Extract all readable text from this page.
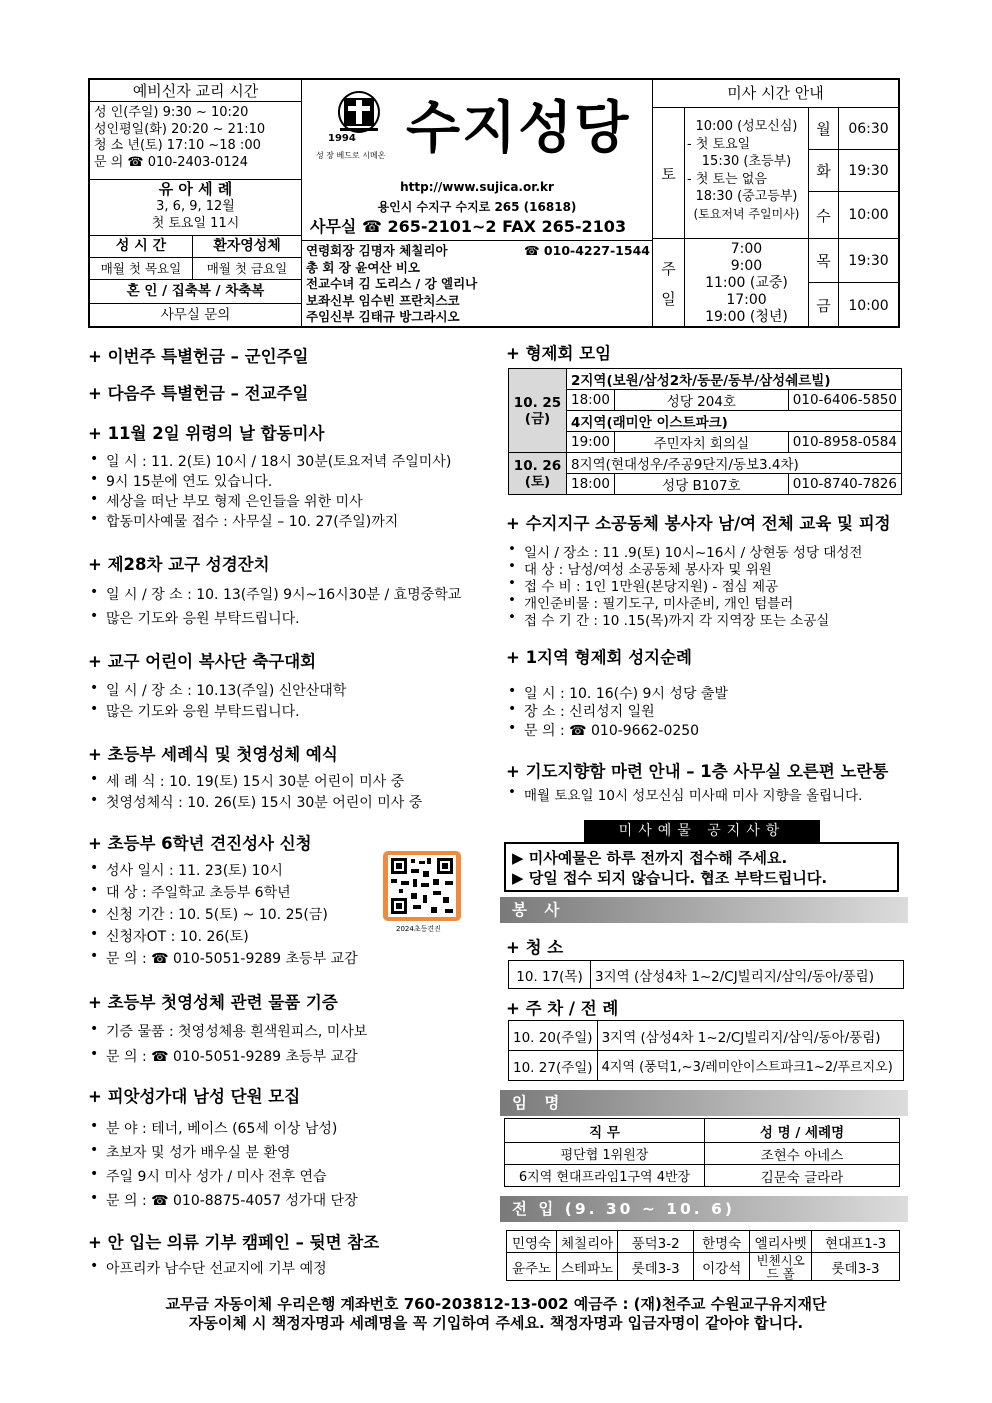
예비신자 교리 시간
성 인(주일) 9:30 ~ 10:20
성인평일(화) 20:20 ~ 21:10
청 소 년(토) 17:10 ~18 :00
문 의 ☎ 010-2403-0124
유 아 세 례
3, 6, 9, 12월
첫 토요일 11시
성 시 간
매월 첫 목요일
환자영성체
매월 첫 금요일
혼 인 / 집축복 / 차축복
사무실 문의
1994
성 장 베드로 시메온 수지성당
http://www.sujica.or.kr
용인시 수지구 수지로 265 (16818)
사무실 ☎ 265-2101~2 FAX 265-2103
연령회장 김명자 체칠리아	☎ 010-4227-1544
총 회 장 윤여산 비오
전교수녀 김 도리스 / 강 엘리나
보좌신부 임수빈 프란치스코
주임신부 김태규 방그라시오
미사 시간 안내
토
10:00 (성모신심)
- 첫 토요일
15:30 (초등부)
- 첫 토는 없음
18:30 (중고등부)
(토요저녁 주일미사)
주
일
7:00
9:00
11:00 (교중)
17:00
19:00 (청년)
월	06:30
화	19:30
수	10:00
목	19:30
금	10:00
+ 이번주 특별헌금 – 군인주일
+ 다음주 특별헌금 – 전교주일
+ 11월 2일 위령의 날 합동미사
• 일 시 : 11. 2(토) 10시 / 18시 30분(토요저녁 주일미사)
• 9시 15분에 연도 있습니다.
• 세상을 떠난 부모 형제 은인들을 위한 미사
• 합동미사예물 접수 : 사무실 – 10. 27(주일)까지
+ 제28차 교구 성경잔치
• 일 시 / 장 소 : 10. 13(주일) 9시~16시30분 / 효명중학교
• 많은 기도와 응원 부탁드립니다.
+ 교구 어린이 복사단 축구대회
• 일 시 / 장 소 : 10.13(주일) 신안산대학
• 많은 기도와 응원 부탁드립니다.
+ 초등부 세례식 및 첫영성체 예식
• 세 례 식 : 10. 19(토) 15시 30분 어린이 미사 중
• 첫영성체식 : 10. 26(토) 15시 30분 어린이 미사 중
+ 초등부 6학년 견진성사 신청
• 성사 일시 : 11. 23(토) 10시
• 대 상 : 주일학교 초등부 6학년
• 신청 기간 : 10. 5(토) ~ 10. 25(금)
• 신청자OT : 10. 26(토)
• 문 의 : ☎ 010-5051-9289 초등부 교감
2024초등견진
+ 초등부 첫영성체 관련 물품 기증
• 기증 물품 : 첫영성체용 흰색원피스, 미사보
• 문 의 : ☎ 010-5051-9289 초등부 교감
+ 피앗성가대 남성 단원 모집
• 분 야 : 테너, 베이스 (65세 이상 남성)
• 초보자 및 성가 배우실 분 환영
• 주일 9시 미사 성가 / 미사 전후 연습
• 문 의 : ☎ 010-8875-4057 성가대 단장
+ 안 입는 의류 기부 캠페인 – 뒷면 참조
• 아프리카 남수단 선교지에 기부 예정
+ 형제회 모임
10. 25
(금)	2지역(보원/삼성2차/동문/동부/삼성쉐르빌)		
	18:00	성당 204호	010-6406-5850
	4지역(래미안 이스트파크)		
	19:00	주민자치 회의실	010-8958-0584
10. 26
(토)	8지역(현대성우/주공9단지/동보3.4차)		
	18:00	성당 B107호	010-8740-7826
+ 수지지구 소공동체 봉사자 남/여 전체 교육 및 피정
• 일시 / 장소 : 11 .9(토) 10시~16시 / 상현동 성당 대성전
• 대 상 : 남성/여성 소공동체 봉사자 및 위원
• 접 수 비 : 1인 1만원(본당지원) - 점심 제공
• 개인준비물 : 필기도구, 미사준비, 개인 텀블러
• 접 수 기 간 : 10 .15(목)까지 각 지역장 또는 소공실
+ 1지역 형제회 성지순례
• 일 시 : 10. 16(수) 9시 성당 출발
• 장 소 : 신리성지 일원
• 문 의 : ☎ 010-9662-0250
+ 기도지향함 마련 안내 – 1층 사무실 오른편 노란통
• 매월 토요일 10시 성모신심 미사때 미사 지향을 올립니다.
미사예물 공지사항
▶ 미사예물은 하루 전까지 접수해 주세요.
▶ 당일 접수 되지 않습니다. 협조 부탁드립니다.
봉 사
+ 청 소
10. 17(목)	3지역 (삼성4차 1~2/CJ빌리지/삼익/동아/풍림)
+ 주 차 / 전 례
10. 20(주일)	3지역 (삼성4차 1~2/CJ빌리지/삼익/동아/풍림)
10. 27(주일)	4지역 (풍덕1,~3/레미안이스트파크1~2/푸르지오)
임 명
직 무	성 명 / 세례명
평단협 1위원장	조현수 아네스
6지역 현대프라임1구역 4반장	김문숙 글라라
전 입 (9. 30 ~ 10. 6)
민영숙	체칠리아	풍덕3-2	한명숙	엘리사벳	현대프1-3
윤주노	스테파노	롯데3-3	이강석	빈첸시오 드 폴	롯데3-3
교무금 자동이체 우리은행 계좌번호 760-203812-13-002 예금주 : (재)천주교 수원교구유지재단
자동이체 시 책정자명과 세례명을 꼭 기입하여 주세요. 책정자명과 입금자명이 같아야 합니다.
